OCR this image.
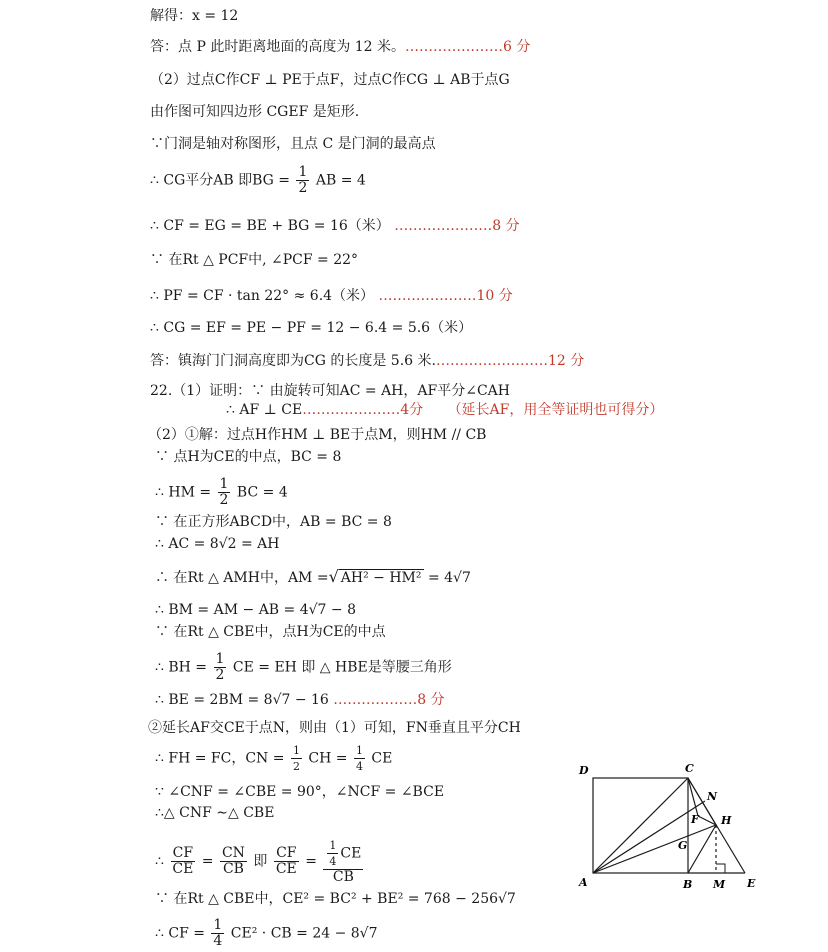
解得：x = 12
答：点 P 此时距离地面的高度为 12 米。…………………6 分
（2）过点C作CF ⊥ PE于点F，过点C作CG ⊥ AB于点G
由作图可知四边形 CGEF 是矩形.
∵门洞是轴对称图形，且点 C 是门洞的最高点
∴ CG平分AB 即BG = $\frac{1}{2}$ AB = 4
∴ CF = EG = BE + BG = 16（米） …………………8 分
∵ 在Rt △ PCF中, ∠PCF = 22°
∴ PF = CF · tan 22° ≈ 6.4（米） …………………10 分
∴ CG = EF = PE − PF = 12 − 6.4 = 5.6（米）
答：镇海门门洞高度即为CG 的长度是 5.6 米.……………………12 分
22.（1）证明：∵ 由旋转可知AC = AH，AF平分∠CAH
∴ AF ⊥ CE…………………4分 （延长AF，用全等证明也可得分）
（2）①解：过点H作HM ⊥ BE于点M，则HM // CB
∵ 点H为CE的中点，BC = 8
∴ HM = $\frac{1}{2}$ BC = 4
∵ 在正方形ABCD中，AB = BC = 8
∴ AC = 8√2 = AH
∴ 在Rt △ AMH中，AM =√ AH² − HM² = 4√7
∴ BM = AM − AB = 4√7 − 8
∵ 在Rt △ CBE中，点H为CE的中点
∴ BH = $\frac{1}{2}$ CE = EH 即 △ HBE是等腰三角形
∴ BE = 2BM = 8√7 − 16 ………………8 分
②延长AF交CE于点N，则由（1）可知，FN垂直且平分CH
∴ FH = FC，CN = $\frac{1}{2}$ CH = $\frac{1}{4}$ CE
∵ ∠CNF = ∠CBE = 90°，∠NCF = ∠BCE
∴△ CNF ∼△ CBE
∴ $\frac{CF}{CE} = \frac{CN}{CB}$ 即 $\frac{CF}{CE} = \frac{\frac{1}{4} CE}{CB}$
∵ 在Rt △ CBE中，CE² = BC² + BE² = 768 − 256√7
∴ CF = $\frac{1}{4} CE^2$ · CB = 24 − 8√7
D	C
A	B M E
N
H
F
G
